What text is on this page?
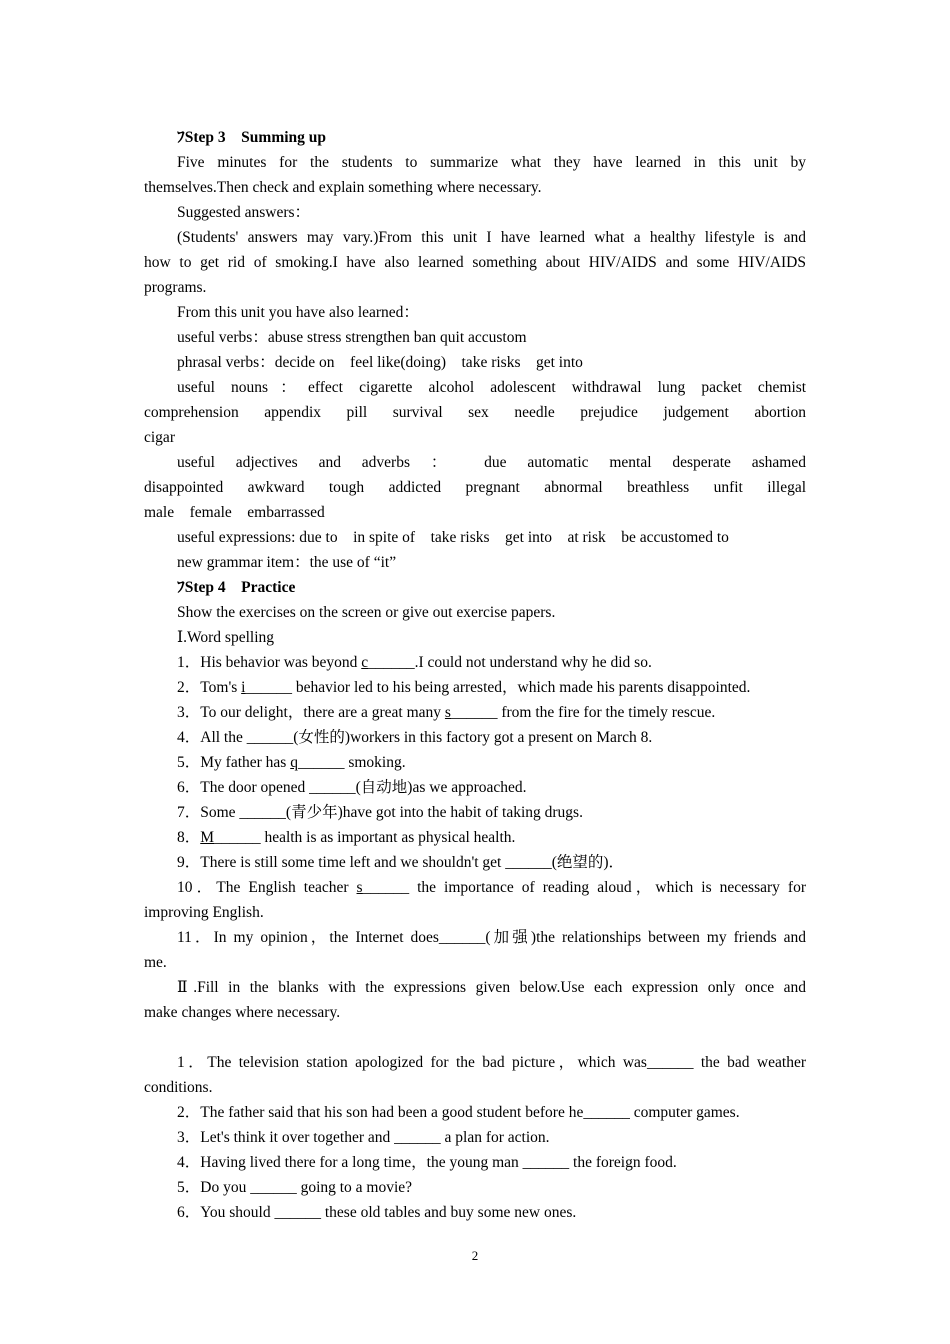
ﾌStep 3    Summing up

Five minutes for the students to summarize what they have learned in this unit by

themselves.Then check and explain something where necessary.

Suggested answers：

(Students' answers may vary.)From this unit I have learned what a healthy lifestyle is and

how to get rid of smoking.I have also learned something about HIV/AIDS and some HIV/AIDS

programs.

From this unit you have also learned：

useful verbs：abuse stress strengthen ban quit accustom

phrasal verbs：decide on    feel like(doing)    take risks    get into

useful nouns：effect cigarette alcohol adolescent withdrawal lung packet chemist

comprehension appendix pill survival sex needle prejudice judgement abortion

cigar

useful adjectives and adverbs ： due automatic mental desperate ashamed

disappointed awkward tough addicted pregnant abnormal breathless unfit illegal

male    female    embarrassed

useful expressions: due to    in spite of    take risks    get into    at risk    be accustomed to

new grammar item：the use of “it”

ﾌStep 4    Practice

Show the exercises on the screen or give out exercise papers.

Ⅰ.Word spelling

1．His behavior was beyond c______.I could not understand why he did so.

2．Tom's i______ behavior led to his being arrested，which made his parents disappointed.

3．To our delight，there are a great many s______ from the fire for the timely rescue.

4．All the ______(女性的)workers in this factory got a present on March 8.

5．My father has q______ smoking.

6．The door opened ______(自动地)as we approached.

7．Some ______(青少年)have got into the habit of taking drugs.

8．M______ health is as important as physical health.

9．There is still some time left and we shouldn't get ______(绝望的)．

10．The English teacher s______ the importance of reading aloud，which is necessary for

improving English.

11．In my opinion，the Internet does______(加强)the relationships between my friends and

me.

Ⅱ.Fill in the blanks with the expressions given below.Use each expression only once and

make changes where necessary.

1．The television station apologized for the bad picture，which was______ the bad weather

conditions.

2．The father said that his son had been a good student before he______ computer games.

3．Let's think it over together and ______ a plan for action.

4．Having lived there for a long time，the young man ______ the foreign food.

5．Do you ______ going to a movie?

6．You should ______ these old tables and buy some new ones.

2
